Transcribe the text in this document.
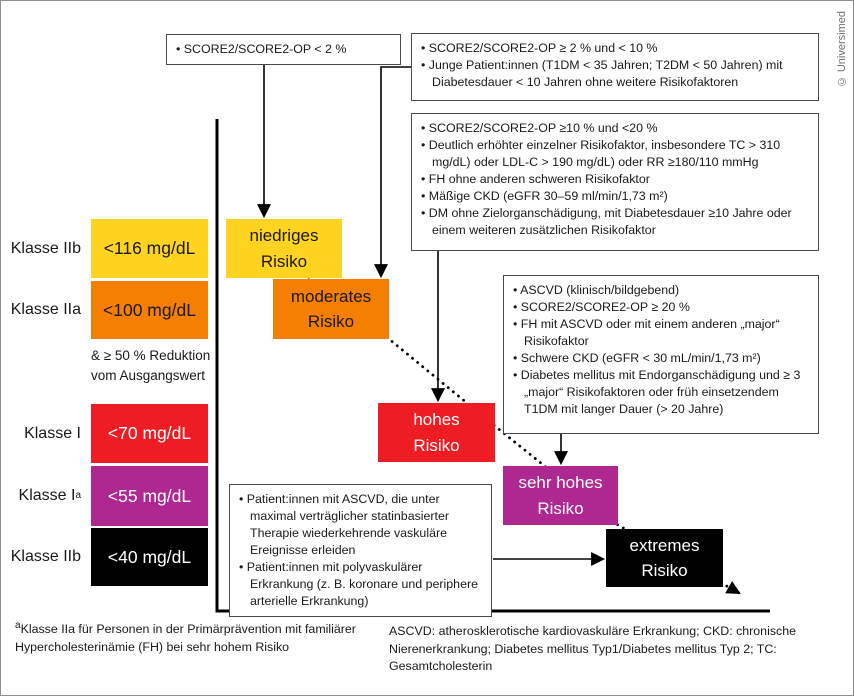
Klasse IIb
Klasse IIa
Klasse I
Klasse I a
Klasse IIb
<116 mg/dL
<100 mg/dL
<70 mg/dL
<55 mg/dL
<40 mg/dL
& ≥ 50 % Reduktion
vom Ausgangswert
niedriges
Risiko
moderates
Risiko
hohes
Risiko
sehr hohes
Risiko
extremes
Risiko
• SCORE2/SCORE2-OP < 2 %	• SCORE2/SCORE2-OP ≥ 2 % und < 10 %
• Junge Patient:innen (T1DM < 35 Jahren; T2DM < 50 Jahren) mit Diabetesdauer < 10 Jahren ohne weitere Risikofaktoren
• SCORE2/SCORE2-OP ≥10 % und <20 %
• Deutlich erhöhter einzelner Risikofaktor, insbesondere TC > 310 mg/dL) oder LDL-C > 190 mg/dL) oder RR ≥180/110 mmHg
• FH ohne anderen schweren Risikofaktor
• Mäßige CKD (eGFR 30–59 ml/min/1,73 m²)
• DM ohne Zielorganschädigung, mit Diabetesdauer ≥10 Jahre oder einem weiteren zusätzlichen Risikofaktor
• ASCVD (klinisch/bildgebend)
• SCORE2/SCORE2-OP ≥ 20 %
• FH mit ASCVD oder mit einem anderen „major“ Risikofaktor
• Schwere CKD (eGFR < 30 mL/min/1,73 m²)
• Diabetes mellitus mit Endorganschädigung und ≥ 3 „major“ Risikofaktoren oder früh einsetzendem T1DM mit langer Dauer (> 20 Jahre)
• Patient:innen mit ASCVD, die unter maximal verträglicher statinbasierter Therapie wiederkehrende vaskuläre Ereignisse erleiden
• Patient:innen mit polyvaskulärer Erkrankung (z. B. koronare und periphere arterielle Erkrankung)
$^a$Klasse IIa für Personen in der Primärprävention mit familiärer Hypercholesterinämie (FH) bei sehr hohem Risiko
ASCVD: atherosklerotische kardiovaskuläre Erkrankung; CKD: chronische Nierenerkrankung; Diabetes mellitus Typ1/Diabetes mellitus Typ 2; TC: Gesamtcholesterin
© Universimed
